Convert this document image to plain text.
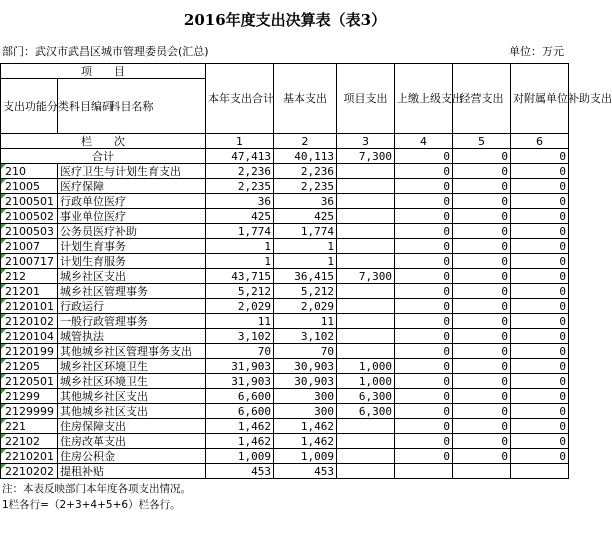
2016年度支出决算表（表3）
部门：武汉市武昌区城市管理委员会(汇总)	单位：万元
项　　目		本年支出合计	基本支出	项目支出	上缴上级支出	经营支出	对附属单位补助支出
支出功能分类科目编码	科目名称						
栏　　次		1	2	3	4	5	6
合计		47,413	40,113	7,300	0	0	0
210	医疗卫生与计划生育支出	2,236	2,236		0	0	0
21005	医疗保障	2,235	2,235		0	0	0
2100501	行政单位医疗	36	36		0	0	0
2100502	事业单位医疗	425	425		0	0	0
2100503	公务员医疗补助	1,774	1,774		0	0	0
21007	计划生育事务	1	1		0	0	0
2100717	计划生育服务	1	1		0	0	0
212	城乡社区支出	43,715	36,415	7,300	0	0	0
21201	城乡社区管理事务	5,212	5,212		0	0	0
2120101	行政运行	2,029	2,029		0	0	0
2120102	一般行政管理事务	11	11		0	0	0
2120104	城管执法	3,102	3,102		0	0	0
2120199	其他城乡社区管理事务支出	70	70		0	0	0
21205	城乡社区环境卫生	31,903	30,903	1,000	0	0	0
2120501	城乡社区环境卫生	31,903	30,903	1,000	0	0	0
21299	其他城乡社区支出	6,600	300	6,300	0	0	0
2129999	其他城乡社区支出	6,600	300	6,300	0	0	0
221	住房保障支出	1,462	1,462		0	0	0
22102	住房改革支出	1,462	1,462		0	0	0
2210201	住房公积金	1,009	1,009		0	0	0
2210202	提租补贴	453	453				
注：本表反映部门本年度各项支出情况。
1栏各行=（2+3+4+5+6）栏各行。
